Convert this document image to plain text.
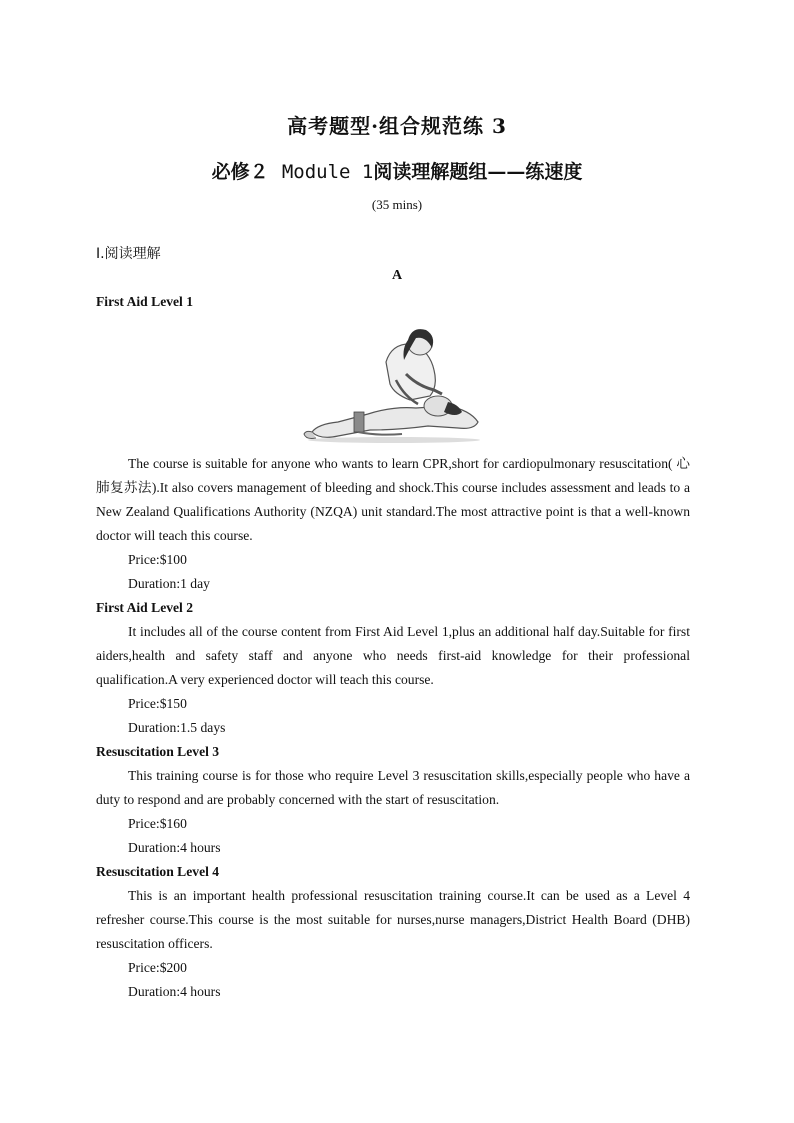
高考题型·组合规范练 3
必修２ Module 1阅读理解题组——练速度
(35 mins)
Ⅰ.阅读理解
A

First Aid Level 1

The course is suitable for anyone who wants to learn CPR,short for cardiopulmonary resuscitation( 心肺复苏法).It also covers management of bleeding and shock.This course includes assessment and leads to a New Zealand Qualifications Authority (NZQA) unit standard.The most attractive point is that a well-known doctor will teach this course.

Price:$100

Duration:1 day

First Aid Level 2

It includes all of the course content from First Aid Level 1,plus an additional half day.Suitable for first aiders,health and safety staff and anyone who needs first-aid knowledge for their professional qualification.A very experienced doctor will teach this course.

Price:$150

Duration:1.5 days

Resuscitation Level 3

This training course is for those who require Level 3 resuscitation skills,especially people who have a duty to respond and are probably concerned with the start of resuscitation.

Price:$160

Duration:4 hours

Resuscitation Level 4

This is an important health professional resuscitation training course.It can be used as a Level 4 refresher course.This course is the most suitable for nurses,nurse managers,District Health Board (DHB) resuscitation officers.

Price:$200

Duration:4 hours
